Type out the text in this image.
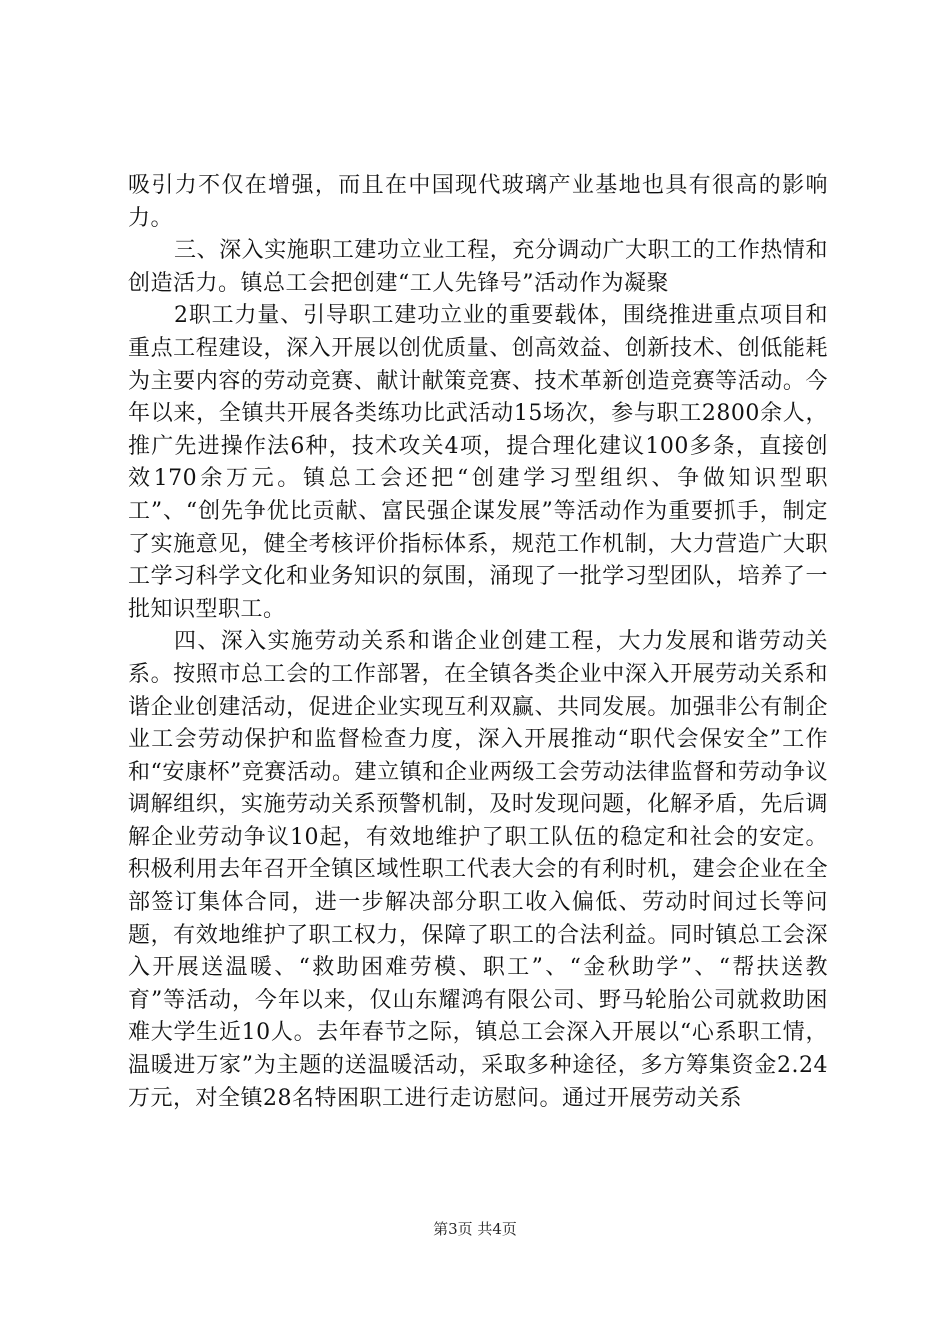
吸引力不仅在增强，而且在中国现代玻璃产业基地也具有很高的影响力。

三、深入实施职工建功立业工程，充分调动广大职工的工作热情和创造活力。镇总工会把创建“工人先锋号”活动作为凝聚

2职工力量、引导职工建功立业的重要载体，围绕推进重点项目和重点工程建设，深入开展以创优质量、创高效益、创新技术、创低能耗为主要内容的劳动竞赛、献计献策竞赛、技术革新创造竞赛等活动。今年以来，全镇共开展各类练功比武活动15场次，参与职工2800余人，推广先进操作法6种，技术攻关4项，提合理化建议100多条，直接创效170余万元。镇总工会还把“创建学习型组织、争做知识型职工”、“创先争优比贡献、富民强企谋发展”等活动作为重要抓手，制定了实施意见，健全考核评价指标体系，规范工作机制，大力营造广大职工学习科学文化和业务知识的氛围，涌现了一批学习型团队，培养了一批知识型职工。

四、深入实施劳动关系和谐企业创建工程，大力发展和谐劳动关系。按照市总工会的工作部署，在全镇各类企业中深入开展劳动关系和谐企业创建活动，促进企业实现互利双赢、共同发展。加强非公有制企业工会劳动保护和监督检查力度，深入开展推动“职代会保安全”工作和“安康杯”竞赛活动。建立镇和企业两级工会劳动法律监督和劳动争议调解组织，实施劳动关系预警机制，及时发现问题，化解矛盾，先后调解企业劳动争议10起，有效地维护了职工队伍的稳定和社会的安定。积极利用去年召开全镇区域性职工代表大会的有利时机，建会企业在全部签订集体合同，进一步解决部分职工收入偏低、劳动时间过长等问题，有效地维护了职工权力，保障了职工的合法利益。同时镇总工会深入开展送温暖、“救助困难劳模、职工”、“金秋助学”、“帮扶送教育”等活动，今年以来，仅山东耀鸿有限公司、野马轮胎公司就救助困难大学生近10人。去年春节之际，镇总工会深入开展以“心系职工情，温暖进万家”为主题的送温暖活动，采取多种途径，多方筹集资金2.24万元，对全镇28名特困职工进行走访慰问。通过开展劳动关系

第3页 共4页
